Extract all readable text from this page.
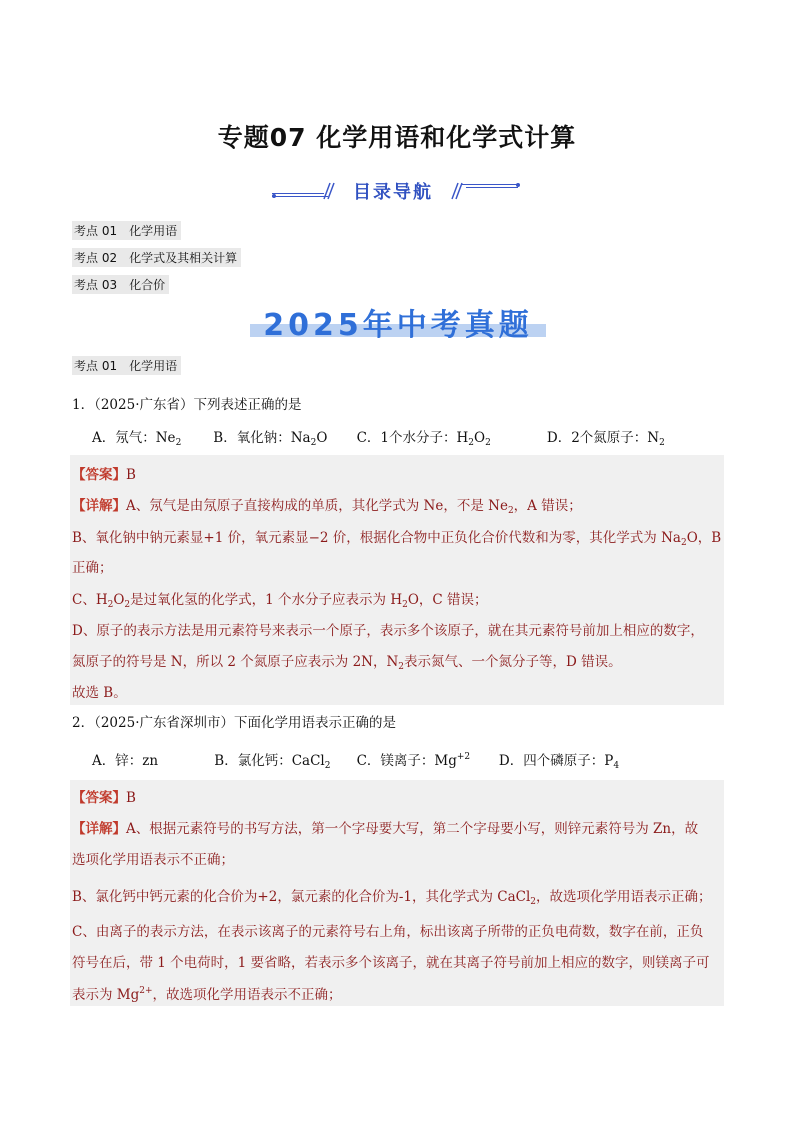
专题07 化学用语和化学式计算
目录导航
考点 01 化学用语
考点 02 化学式及其相关计算
考点 03 化合价
2025年中考真题
考点 01 化学用语
1．（2025·广东省）下列表述正确的是
A．氖气：$Ne_2$ B．氧化钠：$Na_2O$ C．1个水分子：$H_2O_2$	D．2个氮原子：$N_2$
【答案】B
【详解】A、氖气是由氖原子直接构成的单质，其化学式为 Ne，不是 $Ne_2$，A 错误；
B、氧化钠中钠元素显+1 价，氧元素显−2 价，根据化合物中正负化合价代数和为零，其化学式为 $Na_2O$，B
正确；
C、$H_2O_2$是过氧化氢的化学式，1 个水分子应表示为 $H_2O$，C 错误；
D、原子的表示方法是用元素符号来表示一个原子，表示多个该原子，就在其元素符号前加上相应的数字，
氮原子的符号是 N，所以 2 个氮原子应表示为 2N，$N_2$表示氮气、一个氮分子等，D 错误。
故选 B。
2．（2025·广东省深圳市）下面化学用语表示正确的是
A．锌：zn	B．氯化钙：CaCl$_2$ C．镁离子：$Mg^{+2}$ D．四个磷原子：$P_4$
【答案】B
【详解】A、根据元素符号的书写方法，第一个字母要大写，第二个字母要小写，则锌元素符号为 Zn，故
选项化学用语表示不正确；
B、氯化钙中钙元素的化合价为+2，氯元素的化合价为-1，其化学式为 CaCl$_2$，故选项化学用语表示正确；
C、由离子的表示方法，在表示该离子的元素符号右上角，标出该离子所带的正负电荷数，数字在前，正负
符号在后，带 1 个电荷时，1 要省略，若表示多个该离子，就在其离子符号前加上相应的数字，则镁离子可
表示为 $Mg^{2+}$，故选项化学用语表示不正确；
